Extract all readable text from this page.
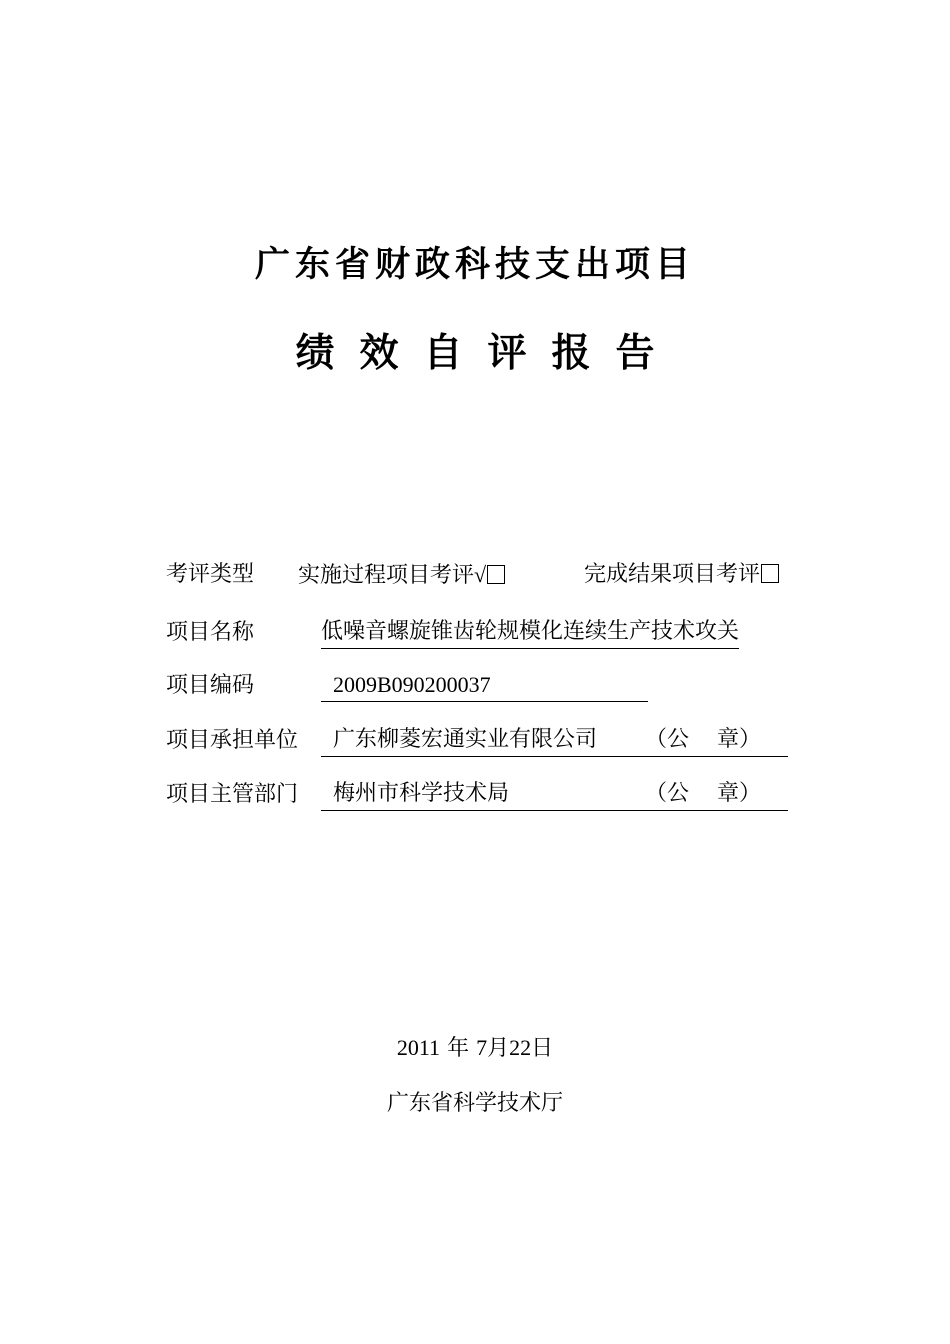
广东省财政科技支出项目
绩效自评报告
考评类型 实施过程项目考评√	完成结果项目考评
项目名称	低噪音螺旋锥齿轮规模化连续生产技术攻关
项目编码	2009B090200037
项目承担单位	广东柳菱宏通实业有限公司 （公    章）
项目主管部门	梅州市科学技术局	（公    章）
2011 年 7月22日
广东省科学技术厅
